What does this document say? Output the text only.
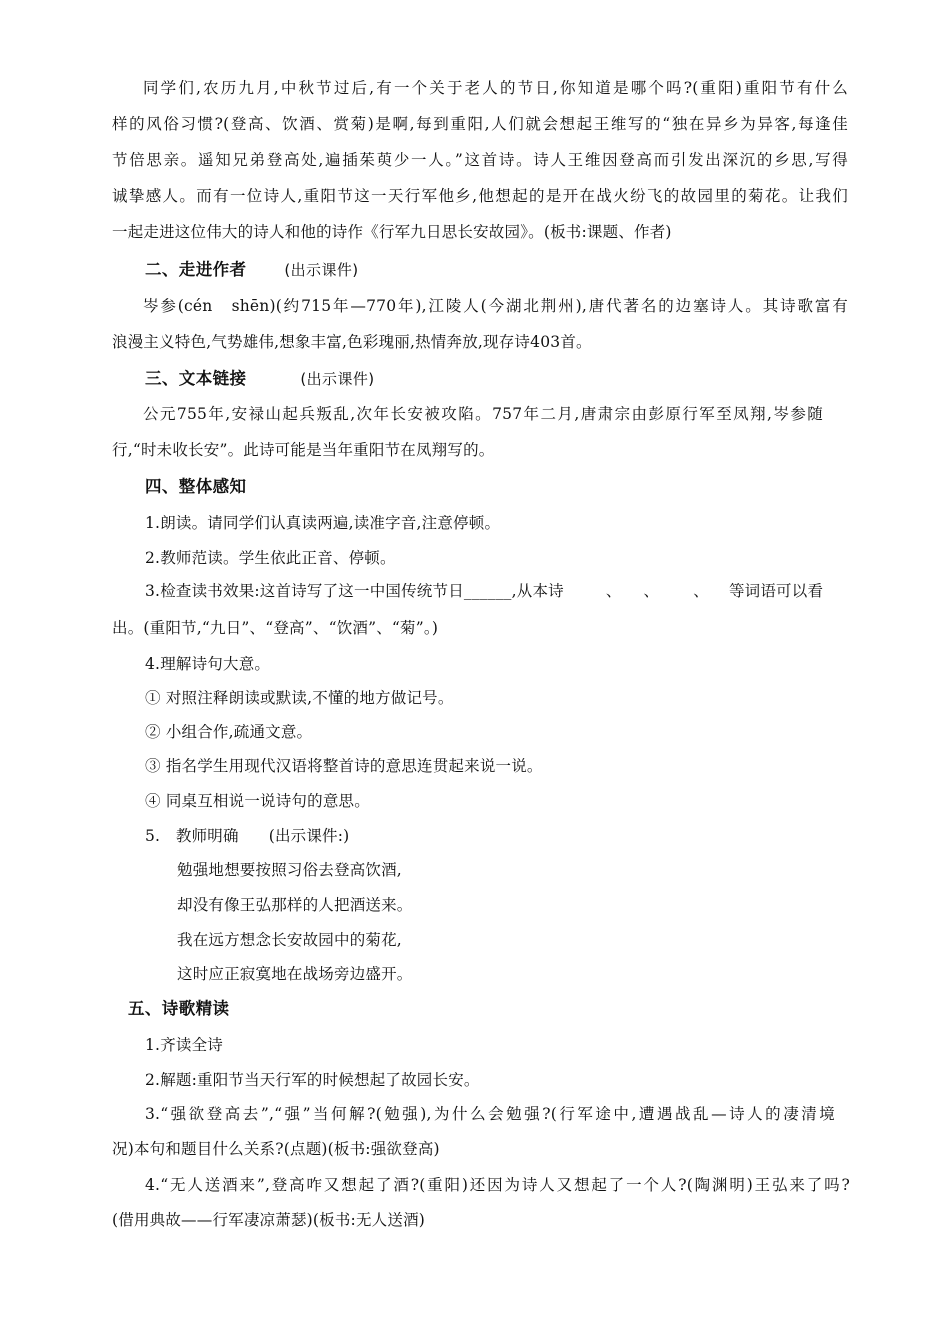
同学们,农历九月,中秋节过后,有一个关于老人的节日,你知道是哪个吗?(重阳)重阳节有什么
样的风俗习惯?(登高、饮酒、赏菊)是啊,每到重阳,人们就会想起王维写的“独在异乡为异客,每逢佳
节倍思亲。遥知兄弟登高处,遍插茱萸少一人。”这首诗。诗人王维因登高而引发出深沉的乡思,写得
诚挚感人。而有一位诗人,重阳节这一天行军他乡,他想起的是开在战火纷飞的故园里的菊花。让我们
一起走进这位伟大的诗人和他的诗作《行军九日思长安故园》。(板书:课题、作者)
二、走进作者	(出示课件)
岑参(cén　shēn)(约715年—770年),江陵人(今湖北荆州),唐代著名的边塞诗人。其诗歌富有
浪漫主义特色,气势雄伟,想象丰富,色彩瑰丽,热情奔放,现存诗403首。
三、文本链接	(出示课件)
公元755年,安禄山起兵叛乱,次年长安被攻陷。757年二月,唐肃宗由彭原行军至凤翔,岑参随
行,“时未收长安”。此诗可能是当年重阳节在凤翔写的。
四、整体感知
1.朗读。请同学们认真读两遍,读准字音,注意停顿。
2.教师范读。学生依此正音、停顿。
3.检查读书效果:这首诗写了这一中国传统节日______,从本诗	、 、 、 等词语可以看
出。(重阳节,“九日”、“登高”、“饮酒”、“菊”。)
4.理解诗句大意。
① 对照注释朗读或默读,不懂的地方做记号。
② 小组合作,疏通文意。
③ 指名学生用现代汉语将整首诗的意思连贯起来说一说。
④ 同桌互相说一说诗句的意思。
5.　教师明确 (出示课件:)
勉强地想要按照习俗去登高饮酒,
却没有像王弘那样的人把酒送来。
我在远方想念长安故园中的菊花,
这时应正寂寞地在战场旁边盛开。
五、诗歌精读
1.齐读全诗
2.解题:重阳节当天行军的时候想起了故园长安。
3.“强欲登高去”,“强”当何解?(勉强),为什么会勉强?(行军途中,遭遇战乱—诗人的凄清境
况)本句和题目什么关系?(点题)(板书:强欲登高)
4.“无人送酒来”,登高咋又想起了酒?(重阳)还因为诗人又想起了一个人?(陶渊明)王弘来了吗?
(借用典故——行军凄凉萧瑟)(板书:无人送酒)
